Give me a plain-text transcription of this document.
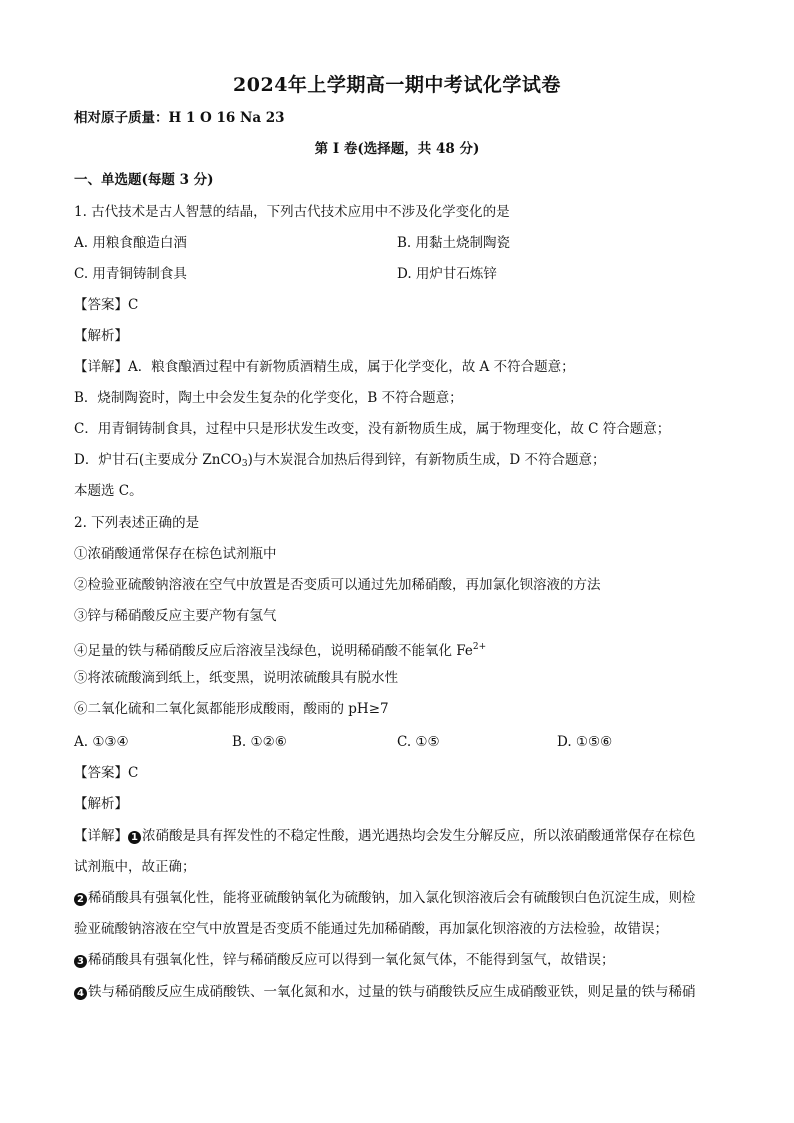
2024年上学期高一期中考试化学试卷
相对原子质量：H 1 O 16 Na 23
第 I 卷(选择题，共 48 分)
一、单选题(每题 3 分)
1. 古代技术是古人智慧的结晶，下列古代技术应用中不涉及化学变化的是
A. 用粮食酿造白酒	B. 用黏土烧制陶瓷
C. 用青铜铸制食具	D. 用炉甘石炼锌
【答案】C
【解析】
【详解】A．粮食酿酒过程中有新物质酒精生成，属于化学变化，故 A 不符合题意；
B．烧制陶瓷时，陶土中会发生复杂的化学变化，B 不符合题意；
C．用青铜铸制食具，过程中只是形状发生改变，没有新物质生成，属于物理变化，故 C 符合题意；
D．炉甘石(主要成分 ZnCO$_3$)与木炭混合加热后得到锌，有新物质生成，D 不符合题意；
本题选 C。
2. 下列表述正确的是
①浓硝酸通常保存在棕色试剂瓶中
②检验亚硫酸钠溶液在空气中放置是否变质可以通过先加稀硝酸，再加氯化钡溶液的方法
③锌与稀硝酸反应主要产物有氢气
④足量的铁与稀硝酸反应后溶液呈浅绿色，说明稀硝酸不能氧化 $Fe^{2+}$
⑤将浓硫酸滴到纸上，纸变黑，说明浓硫酸具有脱水性
⑥二氧化硫和二氧化氮都能形成酸雨，酸雨的 pH≥7
A. ①③④	B. ①②⑥	C. ①⑤	D. ①⑤⑥
【答案】C
【解析】
【详解】 1 浓硝酸是具有挥发性的不稳定性酸，遇光遇热均会发生分解反应，所以浓硝酸通常保存在棕色
试剂瓶中，故正确；
2 稀硝酸具有强氧化性，能将亚硫酸钠氧化为硫酸钠，加入氯化钡溶液后会有硫酸钡白色沉淀生成，则检
验亚硫酸钠溶液在空气中放置是否变质不能通过先加稀硝酸，再加氯化钡溶液的方法检验，故错误；
3 稀硝酸具有强氧化性，锌与稀硝酸反应可以得到一氧化氮气体，不能得到氢气，故错误；
4 铁与稀硝酸反应生成硝酸铁、一氧化氮和水，过量的铁与硝酸铁反应生成硝酸亚铁，则足量的铁与稀硝
